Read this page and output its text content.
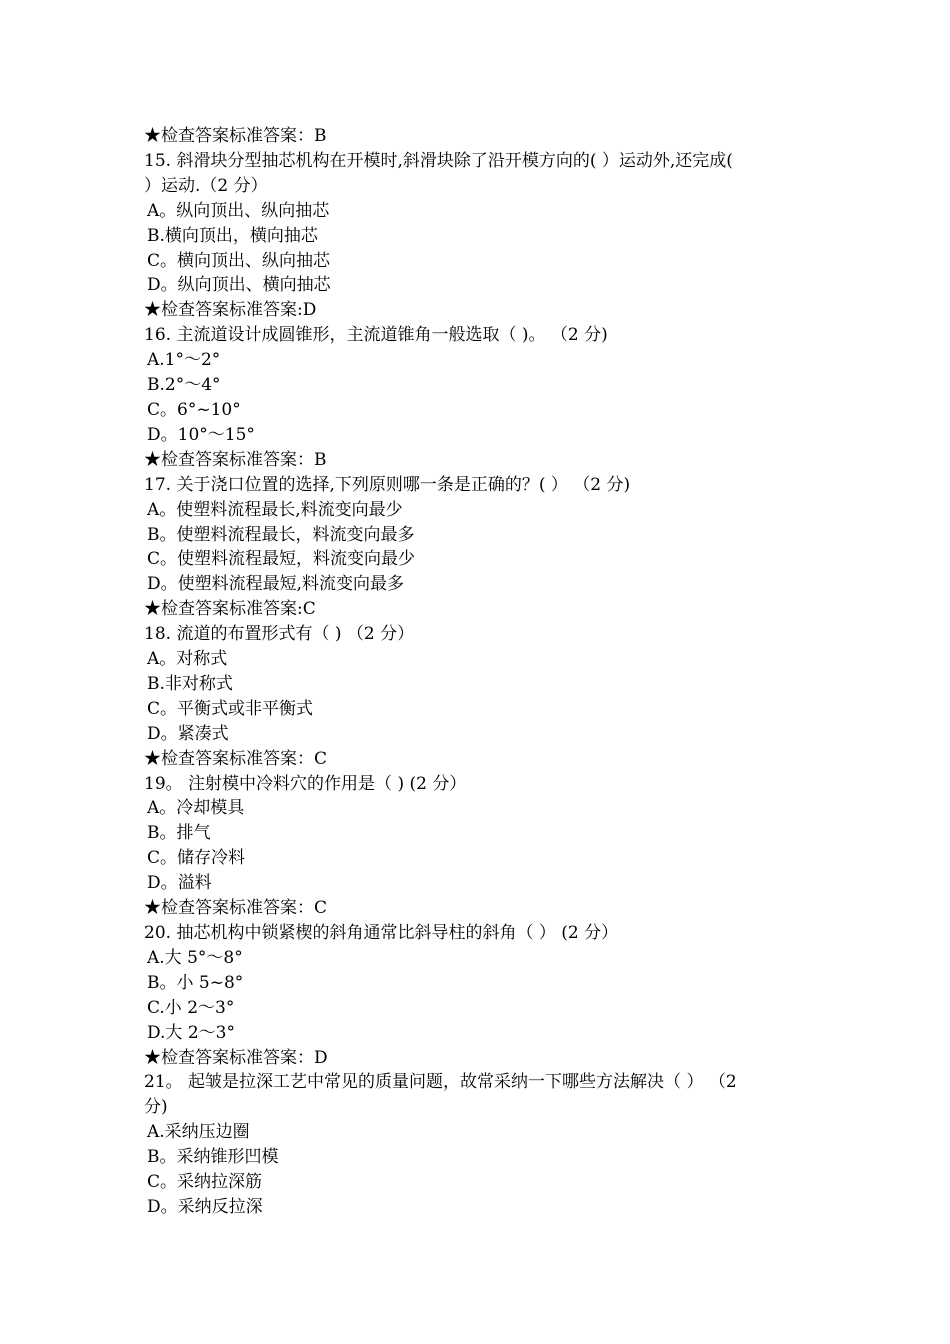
★检查答案标准答案：B
15. 斜滑块分型抽芯机构在开模时,斜滑块除了沿开模方向的( ）运动外,还完成(
）运动.（2 分）
A。纵向顶出、纵向抽芯
B.横向顶出，横向抽芯
C。横向顶出、纵向抽芯
D。纵向顶出、横向抽芯
★检查答案标准答案:D
16. 主流道设计成圆锥形，主流道锥角一般选取（ )。 （2 分)
A.1°～2°
B.2°～4°
C。6°~10°
D。10°～15°
★检查答案标准答案：B
17. 关于浇口位置的选择,下列原则哪一条是正确的？( ） （2 分)
A。使塑料流程最长,料流变向最少
B。使塑料流程最长，料流变向最多
C。使塑料流程最短，料流变向最少
D。使塑料流程最短,料流变向最多
★检查答案标准答案:C
18. 流道的布置形式有（ ) （2 分）
A。对称式
B.非对称式
C。平衡式或非平衡式
D。紧凑式
★检查答案标准答案：C
19。 注射模中冷料穴的作用是（ ) (2 分）
A。冷却模具
B。排气
C。储存冷料
D。溢料
★检查答案标准答案：C
20. 抽芯机构中锁紧楔的斜角通常比斜导柱的斜角（ ） (2 分）
A.大 5°～8°
B。小 5~8°
C.小 2～3°
D.大 2～3°
★检查答案标准答案：D
21。 起皱是拉深工艺中常见的质量问题，故常采纳一下哪些方法解决（ ） （2
分)
A.采纳压边圈
B。采纳锥形凹模
C。采纳拉深筋
D。采纳反拉深
